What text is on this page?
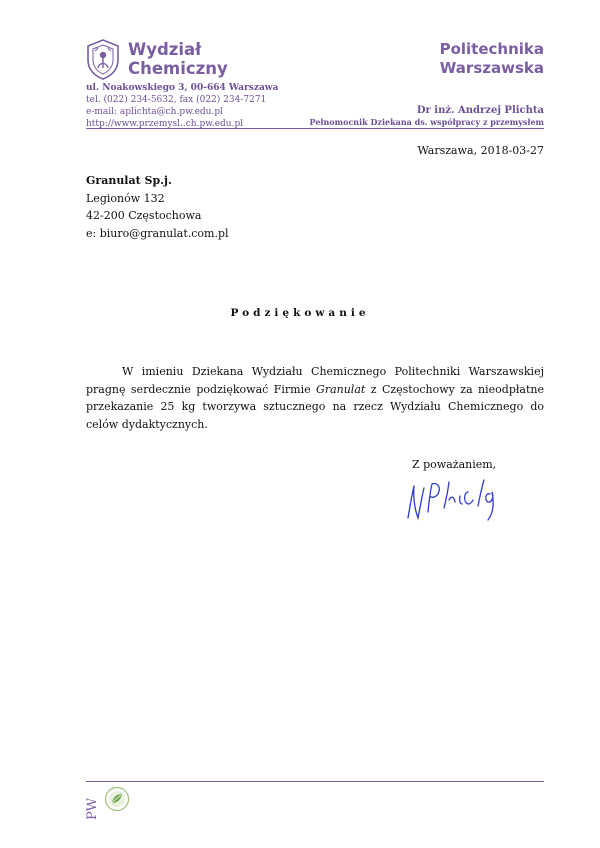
Wydział
Chemiczny
Politechnika
Warszawska
ul. Noakowskiego 3, 00-664 Warszawa
tel. (022) 234-5632, fax (022) 234-7271
e-mail: aplichta@ch.pw.edu.pl
http://www.przemysl..ch.pw.edu.pl
Dr inż. Andrzej Plichta
Pełnomocnik Dziekana ds. współpracy z przemysłem
Warszawa, 2018-03-27
Granulat Sp.j.
Legionów 132
42-200 Częstochowa
e: biuro@granulat.com.pl
Podziękowanie
W imieniu Dziekana Wydziału Chemicznego Politechniki Warszawskiej pragnę serdecznie podziękować Firmie Granulat z Częstochowy za nieodpłatne przekazanie 25 kg tworzywa sztucznego na rzecz Wydziału Chemicznego do celów dydaktycznych.
Z poważaniem,
PW
